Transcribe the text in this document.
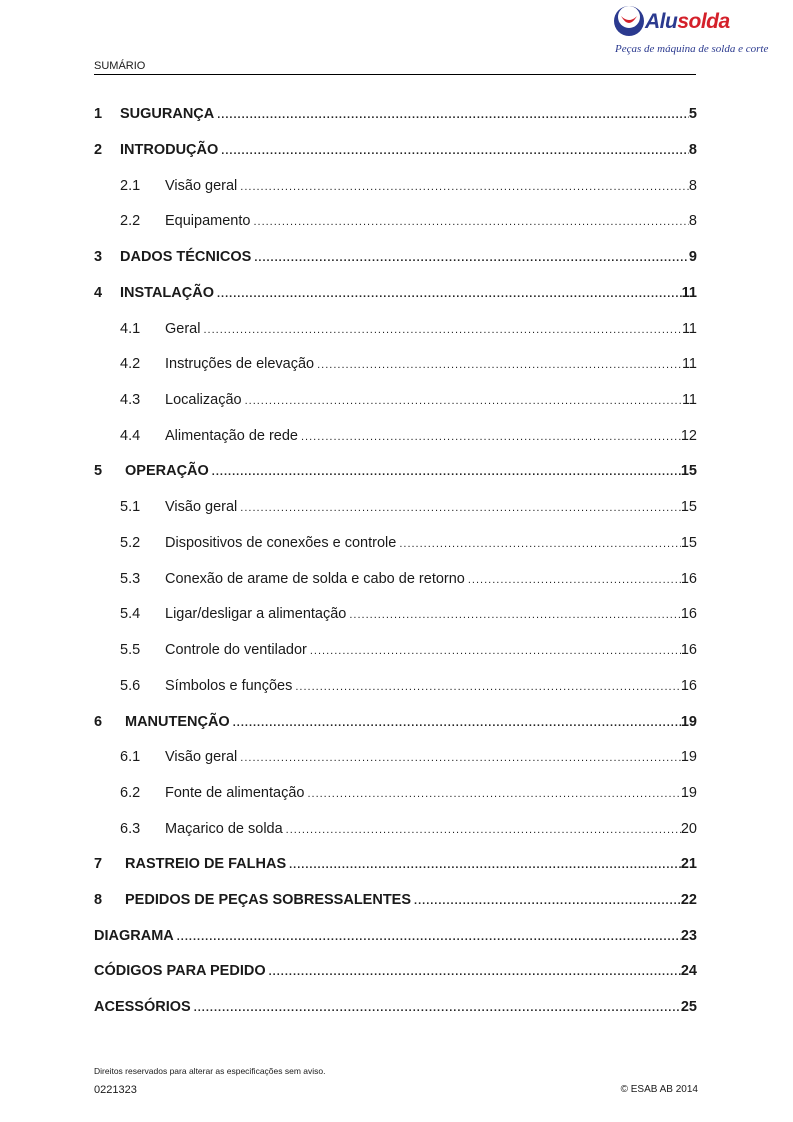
Alusolda
Peças de máquina de solda e corte
SUMÁRIO
1 SUGURANÇA .....	5
2 INTRODUÇÃO .....	8
2.1 Visão geral .....	8
2.2 Equipamento .....	8
3 DADOS TÉCNICOS .....	9
4 INSTALAÇÃO .....	11
4.1 Geral .....	11
4.2 Instruções de elevação .....	11
4.3 Localização .....	11
4.4 Alimentação de rede .....	12
5 OPERAÇÃO .....	15
5.1 Visão geral .....	15
5.2 Dispositivos de conexões e controle .....	15
5.3 Conexão de arame de solda e cabo de retorno .....	16
5.4 Ligar/desligar a alimentação .....	16
5.5 Controle do ventilador .....	16
5.6 Símbolos e funções .....	16
6 MANUTENÇÃO .....	19
6.1 Visão geral .....	19
6.2 Fonte de alimentação .....	19
6.3 Maçarico de solda .....	20
7 RASTREIO DE FALHAS .....	21
8 PEDIDOS DE PEÇAS SOBRESSALENTES .....	22
DIAGRAMA .....	23
CÓDIGOS PARA PEDIDO .....	24
ACESSÓRIOS .....	25
Direitos reservados para alterar as especificações sem aviso.
0221323	© ESAB AB 2014
